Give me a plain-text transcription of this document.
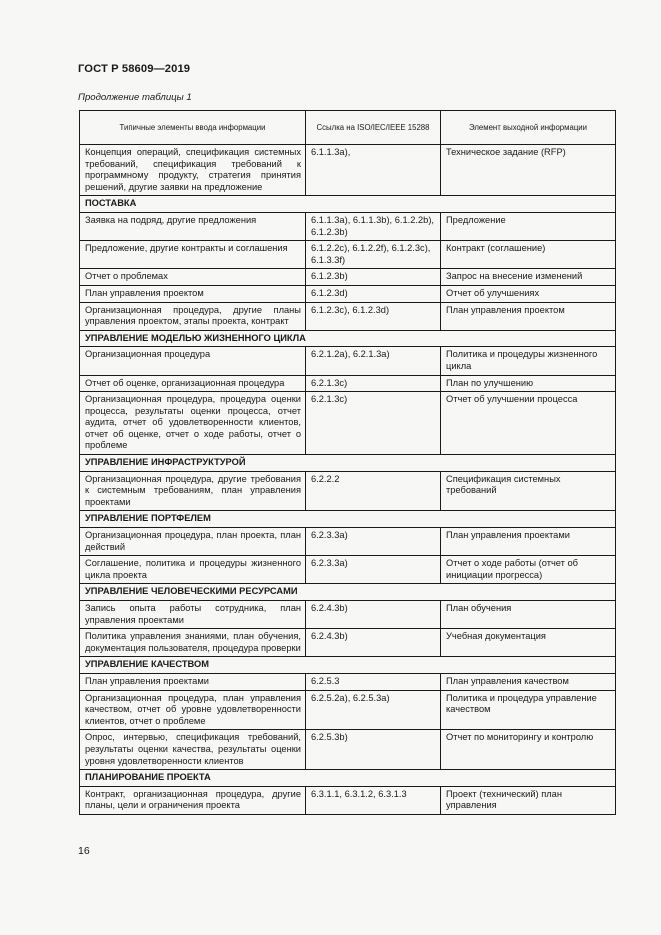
ГОСТ Р 58609—2019
Продолжение таблицы 1
Типичные элементы ввода информации	Ссылка на ISO/IEC/IEEE 15288	Элемент выходной информации
Концепция операций, спецификация системных требований, спецификация требований к программному продукту, стратегия принятия решений, другие заявки на предложение	6.1.1.3a),	Техническое задание (RFP)
ПОСТАВКА		
Заявка на подряд, другие предложения	6.1.1.3a), 6.1.1.3b), 6.1.2.2b), 6.1.2.3b)	Предложение
Предложение, другие контракты и соглашения	6.1.2.2c), 6.1.2.2f), 6.1.2.3c), 6.1.3.3f)	Контракт (соглашение)
Отчет о проблемах	6.1.2.3b)	Запрос на внесение изменений
План управления проектом	6.1.2.3d)	Отчет об улучшениях
Организационная процедура, другие планы управления проектом, этапы проекта, контракт	6.1.2.3c), 6.1.2.3d)	План управления проектом
УПРАВЛЕНИЕ МОДЕЛЬЮ ЖИЗНЕННОГО ЦИКЛА		
Организационная процедура	6.2.1.2a), 6.2.1.3a)	Политика и процедуры жизненного цикла
Отчет об оценке, организационная процедура	6.2.1.3c)	План по улучшению
Организационная процедура, процедура оценки процесса, результаты оценки процесса, отчет аудита, отчет об удовлетворенности клиентов, отчет об оценке, отчет о ходе работы, отчет о проблеме	6.2.1.3c)	Отчет об улучшении процесса
УПРАВЛЕНИЕ ИНФРАСТРУКТУРОЙ		
Организационная процедура, другие требования к системным требованиям, план управления проектами	6.2.2.2	Спецификация системных требований
УПРАВЛЕНИЕ ПОРТФЕЛЕМ		
Организационная процедура, план проекта, план действий	6.2.3.3a)	План управления проектами
Соглашение, политика и процедуры жизненного цикла проекта	6.2.3.3a)	Отчет о ходе работы (отчет об инициации прогресса)
УПРАВЛЕНИЕ ЧЕЛОВЕЧЕСКИМИ РЕСУРСАМИ		
Запись опыта работы сотрудника, план управления проектами	6.2.4.3b)	План обучения
Политика управления знаниями, план обучения, документация пользователя, процедура проверки	6.2.4.3b)	Учебная документация
УПРАВЛЕНИЕ КАЧЕСТВОМ		
План управления проектами	6.2.5.3	План управления качеством
Организационная процедура, план управления качеством, отчет об уровне удовлетворенности клиентов, отчет о проблеме	6.2.5.2a), 6.2.5.3a)	Политика и процедура управление качеством
Опрос, интервью, спецификация требований, результаты оценки качества, результаты оценки уровня удовлетворенности клиентов	6.2.5.3b)	Отчет по мониторингу и контролю
ПЛАНИРОВАНИЕ ПРОЕКТА		
Контракт, организационная процедура, другие планы, цели и ограничения проекта	6.3.1.1, 6.3.1.2, 6.3.1.3	Проект (технический) план управления
16
